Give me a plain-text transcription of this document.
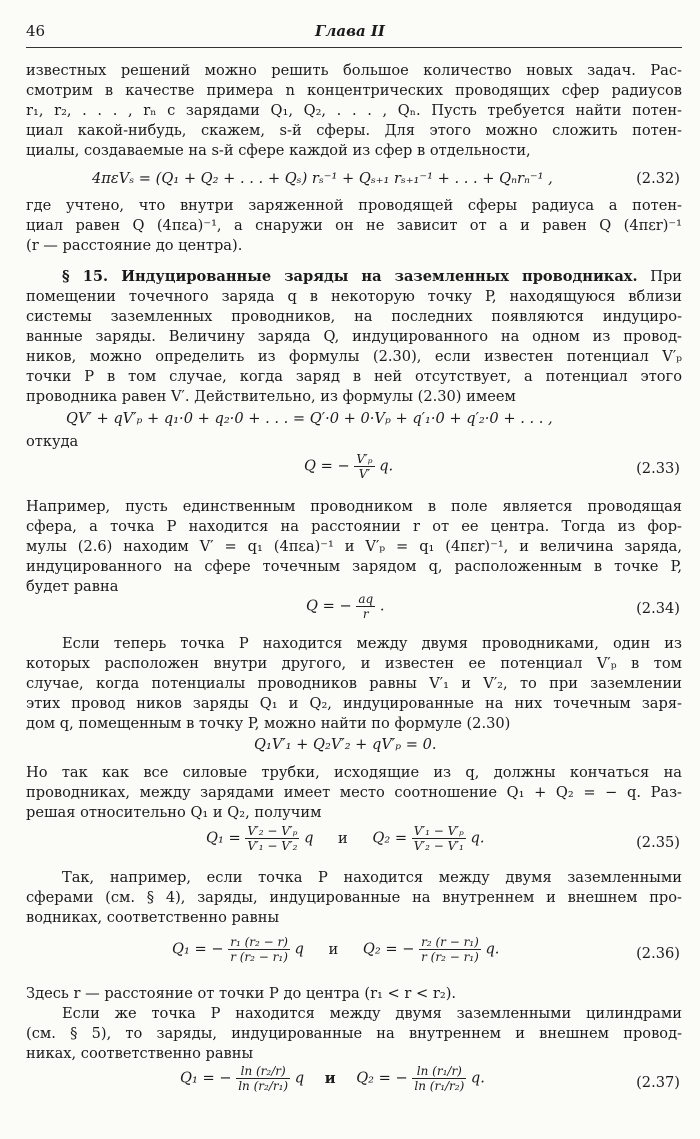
46	Глава II
известных решений можно решить большое количество новых задач. Рас-
смотрим в качестве примера n концентрических проводящих сфер радиусов
r₁, r₂, . . . , rₙ с зарядами Q₁, Q₂, . . . , Qₙ. Пусть требуется найти потен-
циал какой-нибудь, скажем, s-й сферы. Для этого можно сложить потен-
циалы, создаваемые на s-й сфере каждой из сфер в отдельности,
4πεVₛ = (Q₁ + Q₂ + . . . + Qₛ) rₛ⁻¹ + Qₛ₊₁ rₛ₊₁⁻¹ + . . . + Qₙrₙ⁻¹ ,	(2.32)
где учтено, что внутри заряженной проводящей сферы радиуса a потен-
циал равен Q (4πεa)⁻¹, а снаружи он не зависит от a и равен Q (4πεr)⁻¹
(r — расстояние до центра).
§ 15. Индуцированные заряды на заземленных проводниках. При
помещении точечного заряда q в некоторую точку P, находящуюся вблизи
системы заземленных проводников, на последних появляются индуциро-
ванные заряды. Величину заряда Q, индуцированного на одном из провод-
ников, можно определить из формулы (2.30), если известен потенциал V′ₚ
точки P в том случае, когда заряд в ней отсутствует, а потенциал этого
проводника равен V′. Действительно, из формулы (2.30) имеем
QV′ + qV′ₚ + q₁·0 + q₂·0 + . . . = Q′·0 + 0·Vₚ + q′₁·0 + q′₂·0 + . . . ,
откуда
Q = − $\frac{\text{V′ₚ}}{V'} q$.	(2.33)
Например, пусть единственным проводником в поле является проводящая
сфера, а точка P находится на расстоянии r от ее центра. Тогда из фор-
мулы (2.6) находим V′ = q₁ (4πεa)⁻¹ и V′ₚ = q₁ (4πεr)⁻¹, и величина заряда,
индуцированного на сфере точечным зарядом q, расположенным в точке P,
будет равна
Q = − $\frac{aq}{r}$ .	(2.34)
Если теперь точка P находится между двумя проводниками, один из
которых расположен внутри другого, и известен ее потенциал V′ₚ в том
случае, когда потенциалы проводников равны V′₁ и V′₂, то при заземлении
этих провод ников заряды Q₁ и Q₂, индуцированные на них точечным заря-
дом q, помещенным в точку P, можно найти по формуле (2.30)
Q₁V′₁ + Q₂V′₂ + qV′ₚ = 0.
Но так как все силовые трубки, исходящие из q, должны кончаться на
проводниках, между зарядами имеет место соотношение Q₁ + Q₂ = − q. Раз-
решая относительно Q₁ и Q₂, получим
$Q_1 = \frac{\text{V′₂ − V′ₚ}}{\text{V′₁ − V′₂}}$ q и $Q_2 = \frac{\text{V′₁ − V′ₚ}}{\text{V′₂ − V′₁}} q$.	(2.35)
Так, например, если точка P находится между двумя заземленными
сферами (см. § 4), заряды, индуцированные на внутреннем и внешнем про-
водниках, соответственно равны
Q₁ = − $\frac{\text{r₁ (r₂ − r)}}{\text{r (r₂ − r₁)}}$ q и Q₂ = − $\frac{\text{r₂ (r − r₁)}}{\text{r (r₂ − r₁)}} q$.	(2.36)
Здесь r — расстояние от точки P до центра (r₁ < r < r₂).
Если же точка P находится между двумя заземленными цилиндрами
(см. § 5), то заряды, индуцированные на внутреннем и внешнем провод-
никах, соответственно равны
Q₁ = − $\frac{\text{ln (r₂/r)}}{\text{ln (r₂/r₁)}}$ q и Q₂ = − $\frac{\text{ln (r₁/r)}}{\text{ln (r₁/r₂)}} q$.	(2.37)
